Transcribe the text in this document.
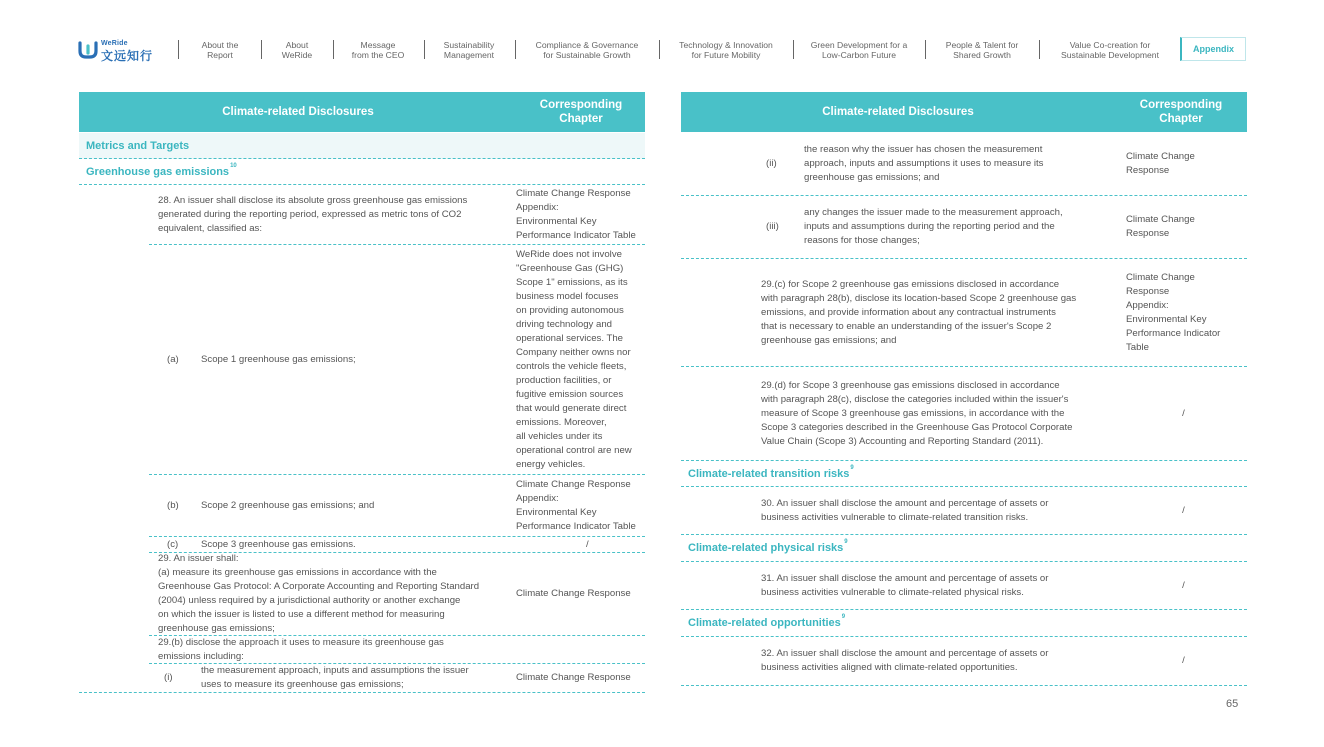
WeRide
文远知行
About the
Report
About
WeRide
Message
from the CEO
Sustainability
Management
Compliance & Governance
for Sustainable Growth
Technology & Innovation
for Future Mobility
Green Development for a
Low-Carbon Future
People & Talent for
Shared Growth
Value Co-creation for
Sustainable Development
Appendix
Climate-related Disclosures
Corresponding
Chapter
Metrics and Targets
Greenhouse gas emissions$^{10}$
28. An issuer shall disclose its absolute gross greenhouse gas emissions
generated during the reporting period, expressed as metric tons of CO2
equivalent, classified as:
Climate Change Response
Appendix:
Environmental Key
Performance Indicator Table
(a) Scope 1 greenhouse gas emissions;
WeRide does not involve
"Greenhouse Gas (GHG)
Scope 1" emissions, as its
business model focuses
on providing autonomous
driving technology and
operational services. The
Company neither owns nor
controls the vehicle fleets,
production facilities, or
fugitive emission sources
that would generate direct
emissions. Moreover,
all vehicles under its
operational control are new
energy vehicles.
(b) Scope 2 greenhouse gas emissions; and
Climate Change Response
Appendix:
Environmental Key
Performance Indicator Table
(c) Scope 3 greenhouse gas emissions.	/
29. An issuer shall:
(a) measure its greenhouse gas emissions in accordance with the
Greenhouse Gas Protocol: A Corporate Accounting and Reporting Standard
(2004) unless required by a jurisdictional authority or another exchange
on which the issuer is listed to use a different method for measuring
greenhouse gas emissions;
Climate Change Response
29.(b) disclose the approach it uses to measure its greenhouse gas
emissions including:
(i)
the measurement approach, inputs and assumptions the issuer
uses to measure its greenhouse gas emissions;
Climate Change Response
Climate-related Disclosures
Corresponding
Chapter
(ii)
the reason why the issuer has chosen the measurement
approach, inputs and assumptions it uses to measure its
greenhouse gas emissions; and
Climate Change
Response
(iii)
any changes the issuer made to the measurement approach,
inputs and assumptions during the reporting period and the
reasons for those changes;
Climate Change
Response
29.(c) for Scope 2 greenhouse gas emissions disclosed in accordance
with paragraph 28(b), disclose its location-based Scope 2 greenhouse gas
emissions, and provide information about any contractual instruments
that is necessary to enable an understanding of the issuer's Scope 2
greenhouse gas emissions; and
Climate Change
Response
Appendix:
Environmental Key
Performance Indicator
Table
29.(d) for Scope 3 greenhouse gas emissions disclosed in accordance
with paragraph 28(c), disclose the categories included within the issuer's
measure of Scope 3 greenhouse gas emissions, in accordance with the
Scope 3 categories described in the Greenhouse Gas Protocol Corporate
Value Chain (Scope 3) Accounting and Reporting Standard (2011).
/
Climate-related transition risks$^9$
30. An issuer shall disclose the amount and percentage of assets or
business activities vulnerable to climate-related transition risks.
/
Climate-related physical risks$^9$
31. An issuer shall disclose the amount and percentage of assets or
business activities vulnerable to climate-related physical risks.
/
Climate-related opportunities$^9$
32. An issuer shall disclose the amount and percentage of assets or
business activities aligned with climate-related opportunities.
/
65
